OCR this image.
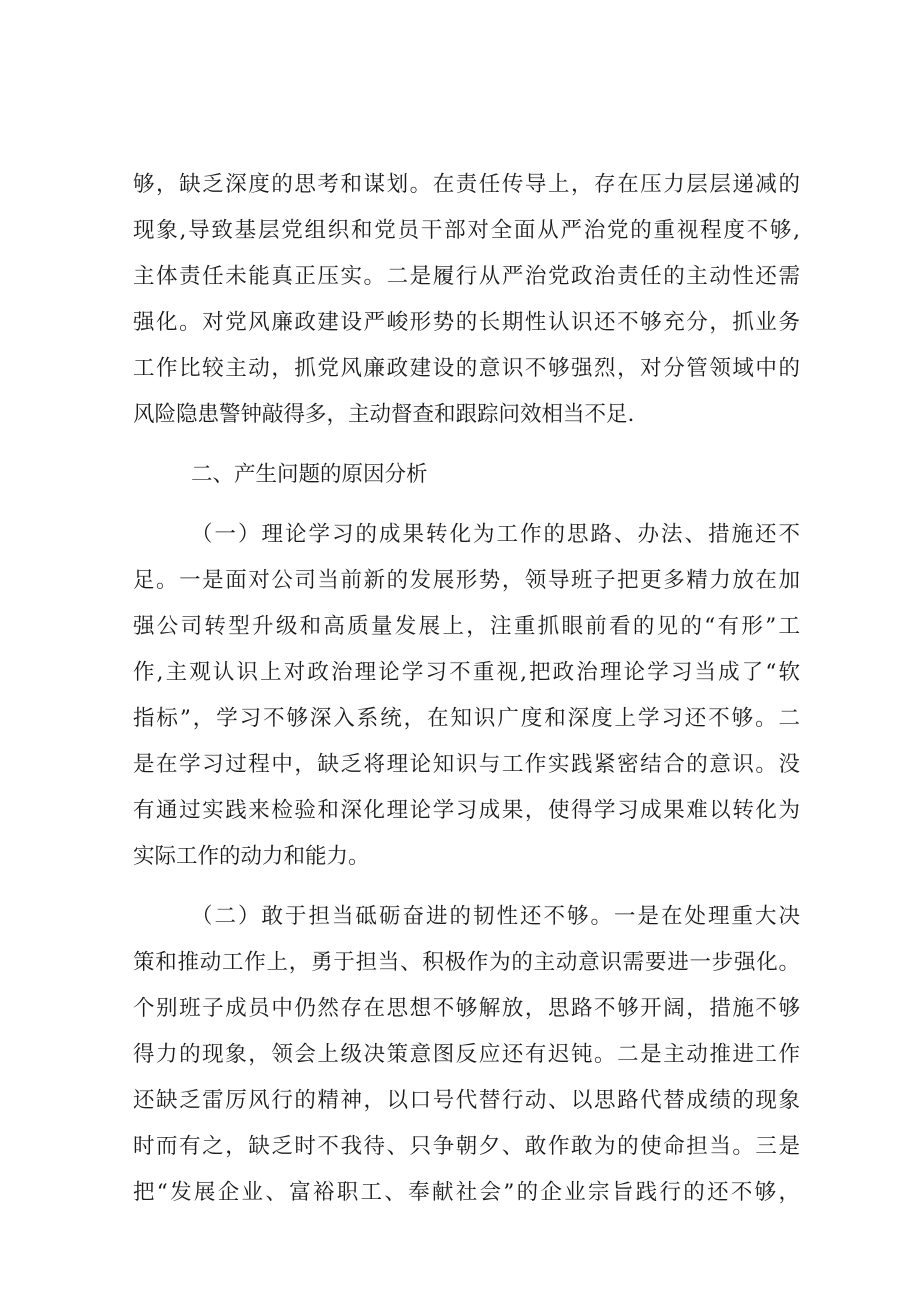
够，缺乏深度的思考和谋划。在责任传导上，存在压力层层递减的
现象,导致基层党组织和党员干部对全面从严治党的重视程度不够,
主体责任未能真正压实。二是履行从严治党政治责任的主动性还需
强化。对党风廉政建设严峻形势的长期性认识还不够充分，抓业务
工作比较主动，抓党风廉政建设的意识不够强烈，对分管领域中的
风险隐患警钟敲得多，主动督查和跟踪问效相当不足.
二、产生问题的原因分析
（一）理论学习的成果转化为工作的思路、办法、措施还不
足。一是面对公司当前新的发展形势，领导班子把更多精力放在加
强公司转型升级和高质量发展上，注重抓眼前看的见的“有形”工
作,主观认识上对政治理论学习不重视,把政治理论学习当成了“软
指标”，学习不够深入系统，在知识广度和深度上学习还不够。二
是在学习过程中，缺乏将理论知识与工作实践紧密结合的意识。没
有通过实践来检验和深化理论学习成果，使得学习成果难以转化为
实际工作的动力和能力。
（二）敢于担当砥砺奋进的韧性还不够。一是在处理重大决
策和推动工作上，勇于担当、积极作为的主动意识需要进一步强化。
个别班子成员中仍然存在思想不够解放，思路不够开阔，措施不够
得力的现象，领会上级决策意图反应还有迟钝。二是主动推进工作
还缺乏雷厉风行的精神，以口号代替行动、以思路代替成绩的现象
时而有之，缺乏时不我待、只争朝夕、敢作敢为的使命担当。三是
把“发展企业、富裕职工、奉献社会”的企业宗旨践行的还不够，
